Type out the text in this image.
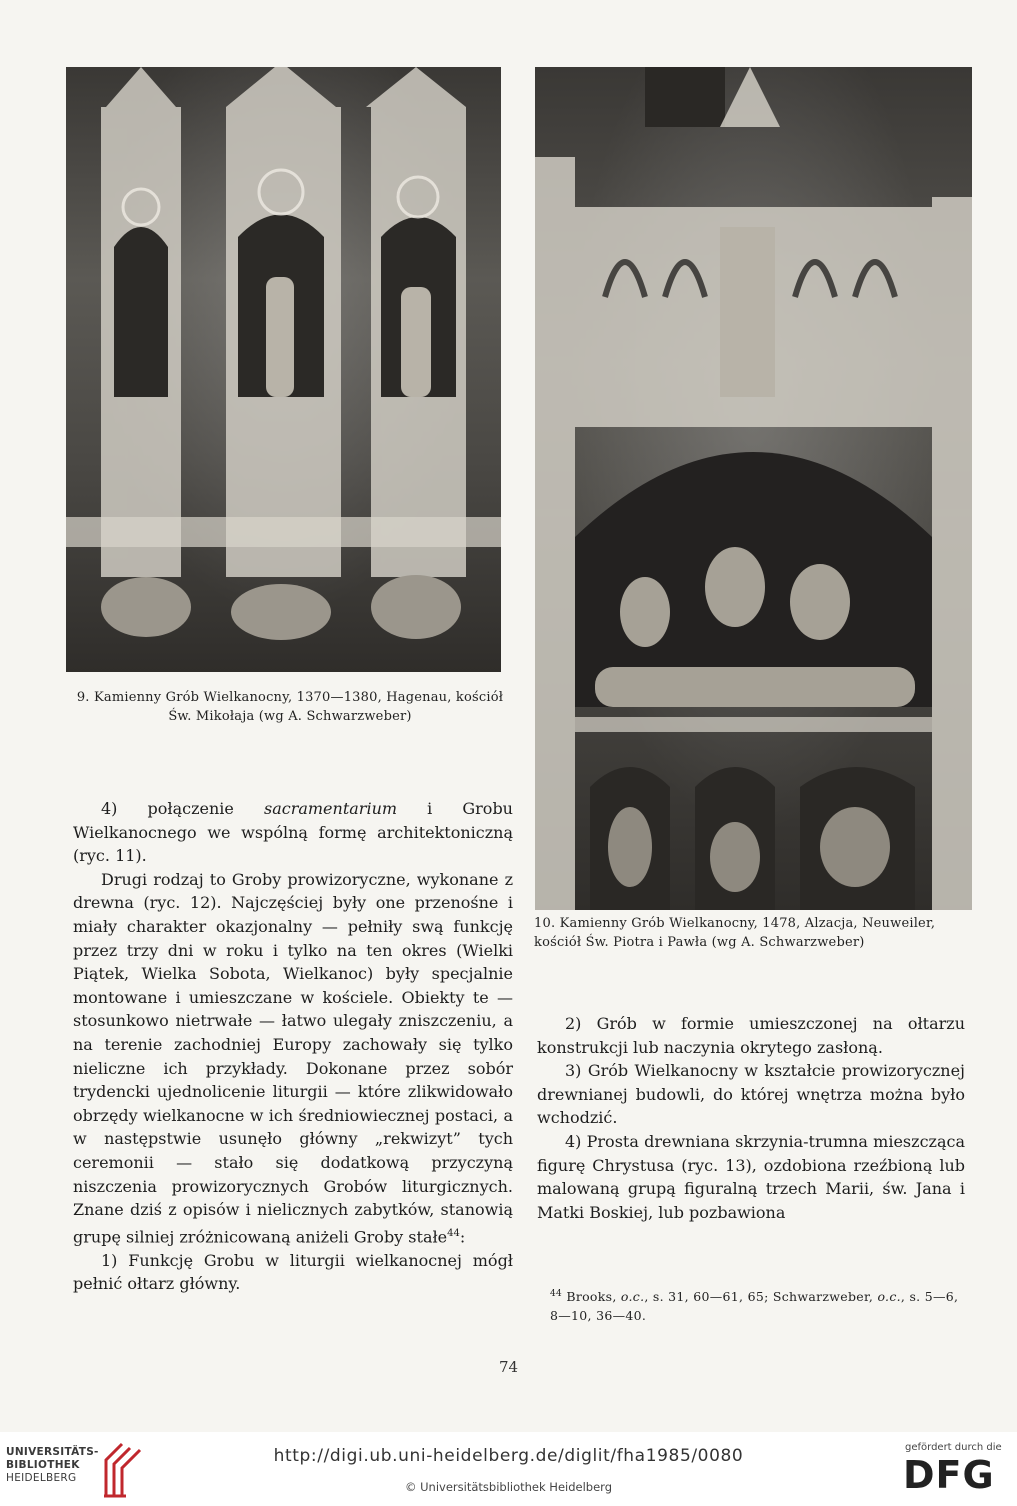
9. Kamienny Grób Wielkanocny, 1370—1380, Hagenau, kościół Św. Mikołaja (wg A. Schwarzweber)
10. Kamienny Grób Wielkanocny, 1478, Alzacja, Neuweiler, kościół Św. Piotra i Pawła (wg A. Schwarzweber)

4) połączenie sacramentarium i Grobu Wielkanocnego we wspólną formę architektoniczną (ryc. 11).

Drugi rodzaj to Groby prowizoryczne, wykonane z drewna (ryc. 12). Najczęściej były one przenośne i miały charakter okazjonalny — pełniły swą funkcję przez trzy dni w roku i tylko na ten okres (Wielki Piątek, Wielka Sobota, Wielkanoc) były specjalnie montowane i umieszczane w kościele. Obiekty te — stosunkowo nietrwałe — łatwo ulegały zniszczeniu, a na terenie zachodniej Europy zachowały się tylko nieliczne ich przykłady. Dokonane przez sobór trydencki ujednolicenie liturgii — które zlikwidowało obrzędy wielkanocne w ich średniowiecznej postaci, a w następstwie usunęło główny „rekwizyt” tych ceremonii — stało się dodatkową przyczyną niszczenia prowizorycznych Grobów liturgicznych. Znane dziś z opisów i nielicznych zabytków, stanowią grupę silniej zróżnicowaną aniżeli Groby stałe$^{44}$:

1) Funkcję Grobu w liturgii wielkanocnej mógł pełnić ołtarz główny.

2) Grób w formie umieszczonej na ołtarzu konstrukcji lub naczynia okrytego zasłoną.

3) Grób Wielkanocny w kształcie prowizorycznej drewnianej budowli, do której wnętrza można było wchodzić.

4) Prosta drewniana skrzynia-trumna mieszcząca figurę Chrystusa (ryc. 13), ozdobiona rzeźbioną lub malowaną grupą figuralną trzech Marii, św. Jana i Matki Boskiej, lub pozbawiona

$^{44}$ Brooks, o.c., s. 31, 60—61, 65; Schwarzweber, o.c., s. 5—6, 8—10, 36—40.
74
UNIVERSITÄTS-
BIBLIOTHEK
HEIDELBERG
http://digi.ub.uni-heidelberg.de/diglit/fha1985/0080
© Universitätsbibliothek Heidelberg
gefördert durch die
DFG
